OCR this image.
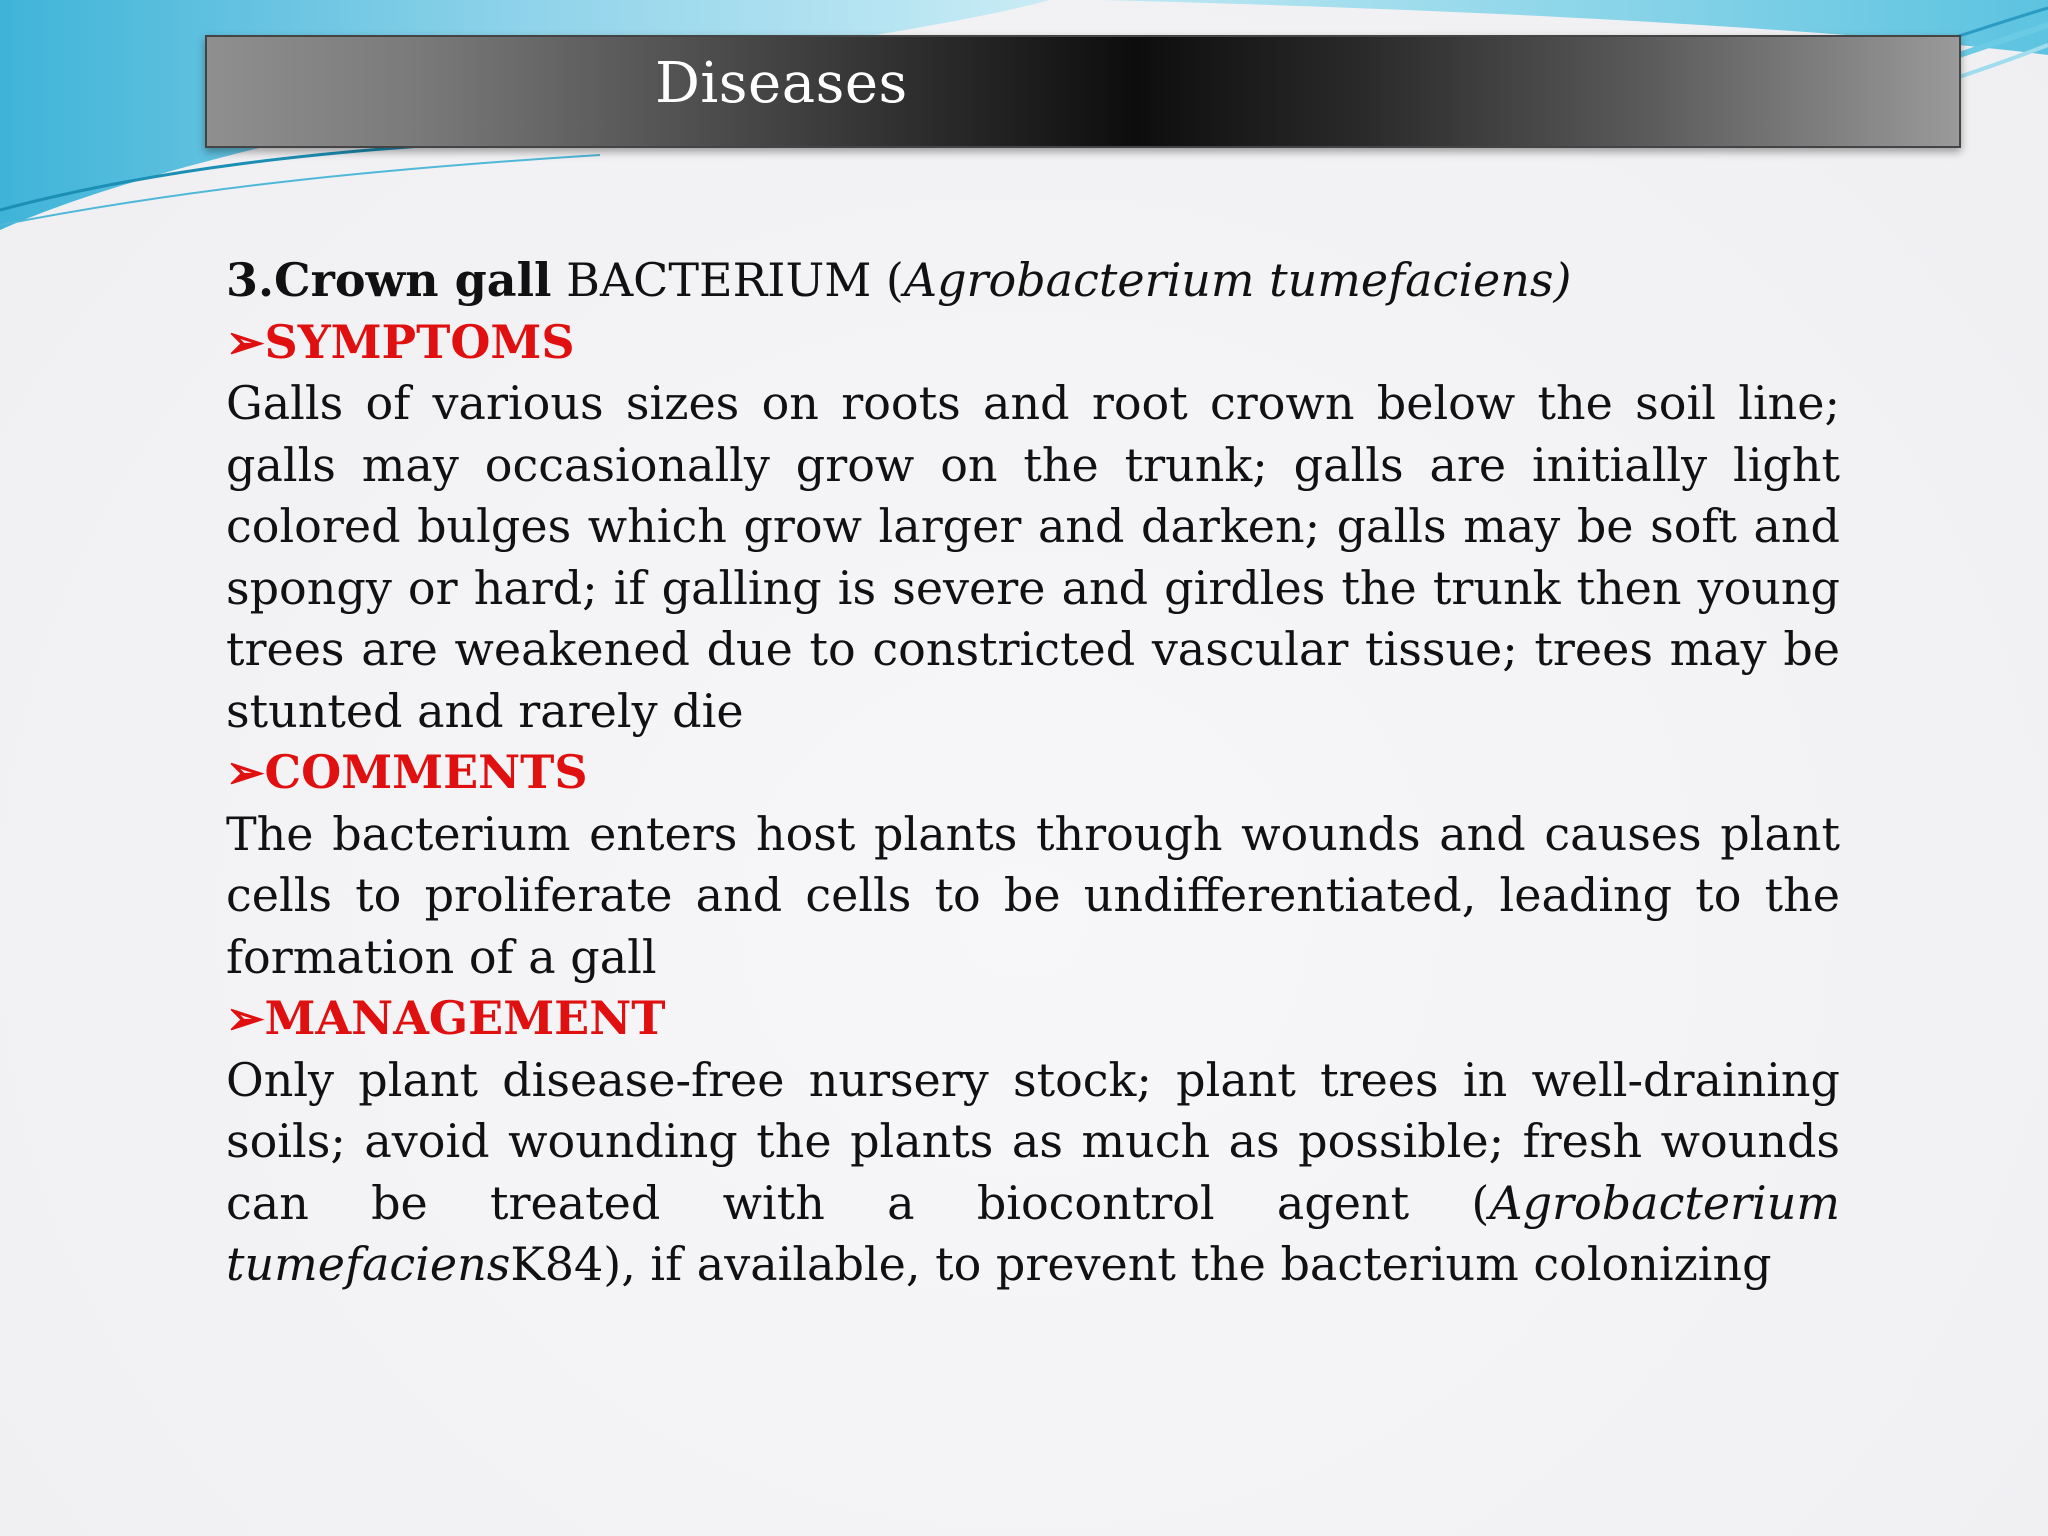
Diseases
3.Crown gall BACTERIUM (Agrobacterium tumefaciens)
➢SYMPTOMS
Galls of various sizes on roots and root crown below the soil line; galls may occasionally grow on the trunk; galls are initially light colored bulges which grow larger and darken; galls may be soft and spongy or hard; if galling is severe and girdles the trunk then young trees are weakened due to constricted vascular tissue; trees may be stunted and rarely die
➢COMMENTS
The bacterium enters host plants through wounds and causes plant cells to proliferate and cells to be undifferentiated, leading to the formation of a gall
➢MANAGEMENT
Only plant disease-free nursery stock; plant trees in well-draining soils; avoid wounding the plants as much as possible; fresh wounds can be treated with a biocontrol agent (Agrobacterium tumefaciensK84), if available, to prevent the bacterium colonizing
